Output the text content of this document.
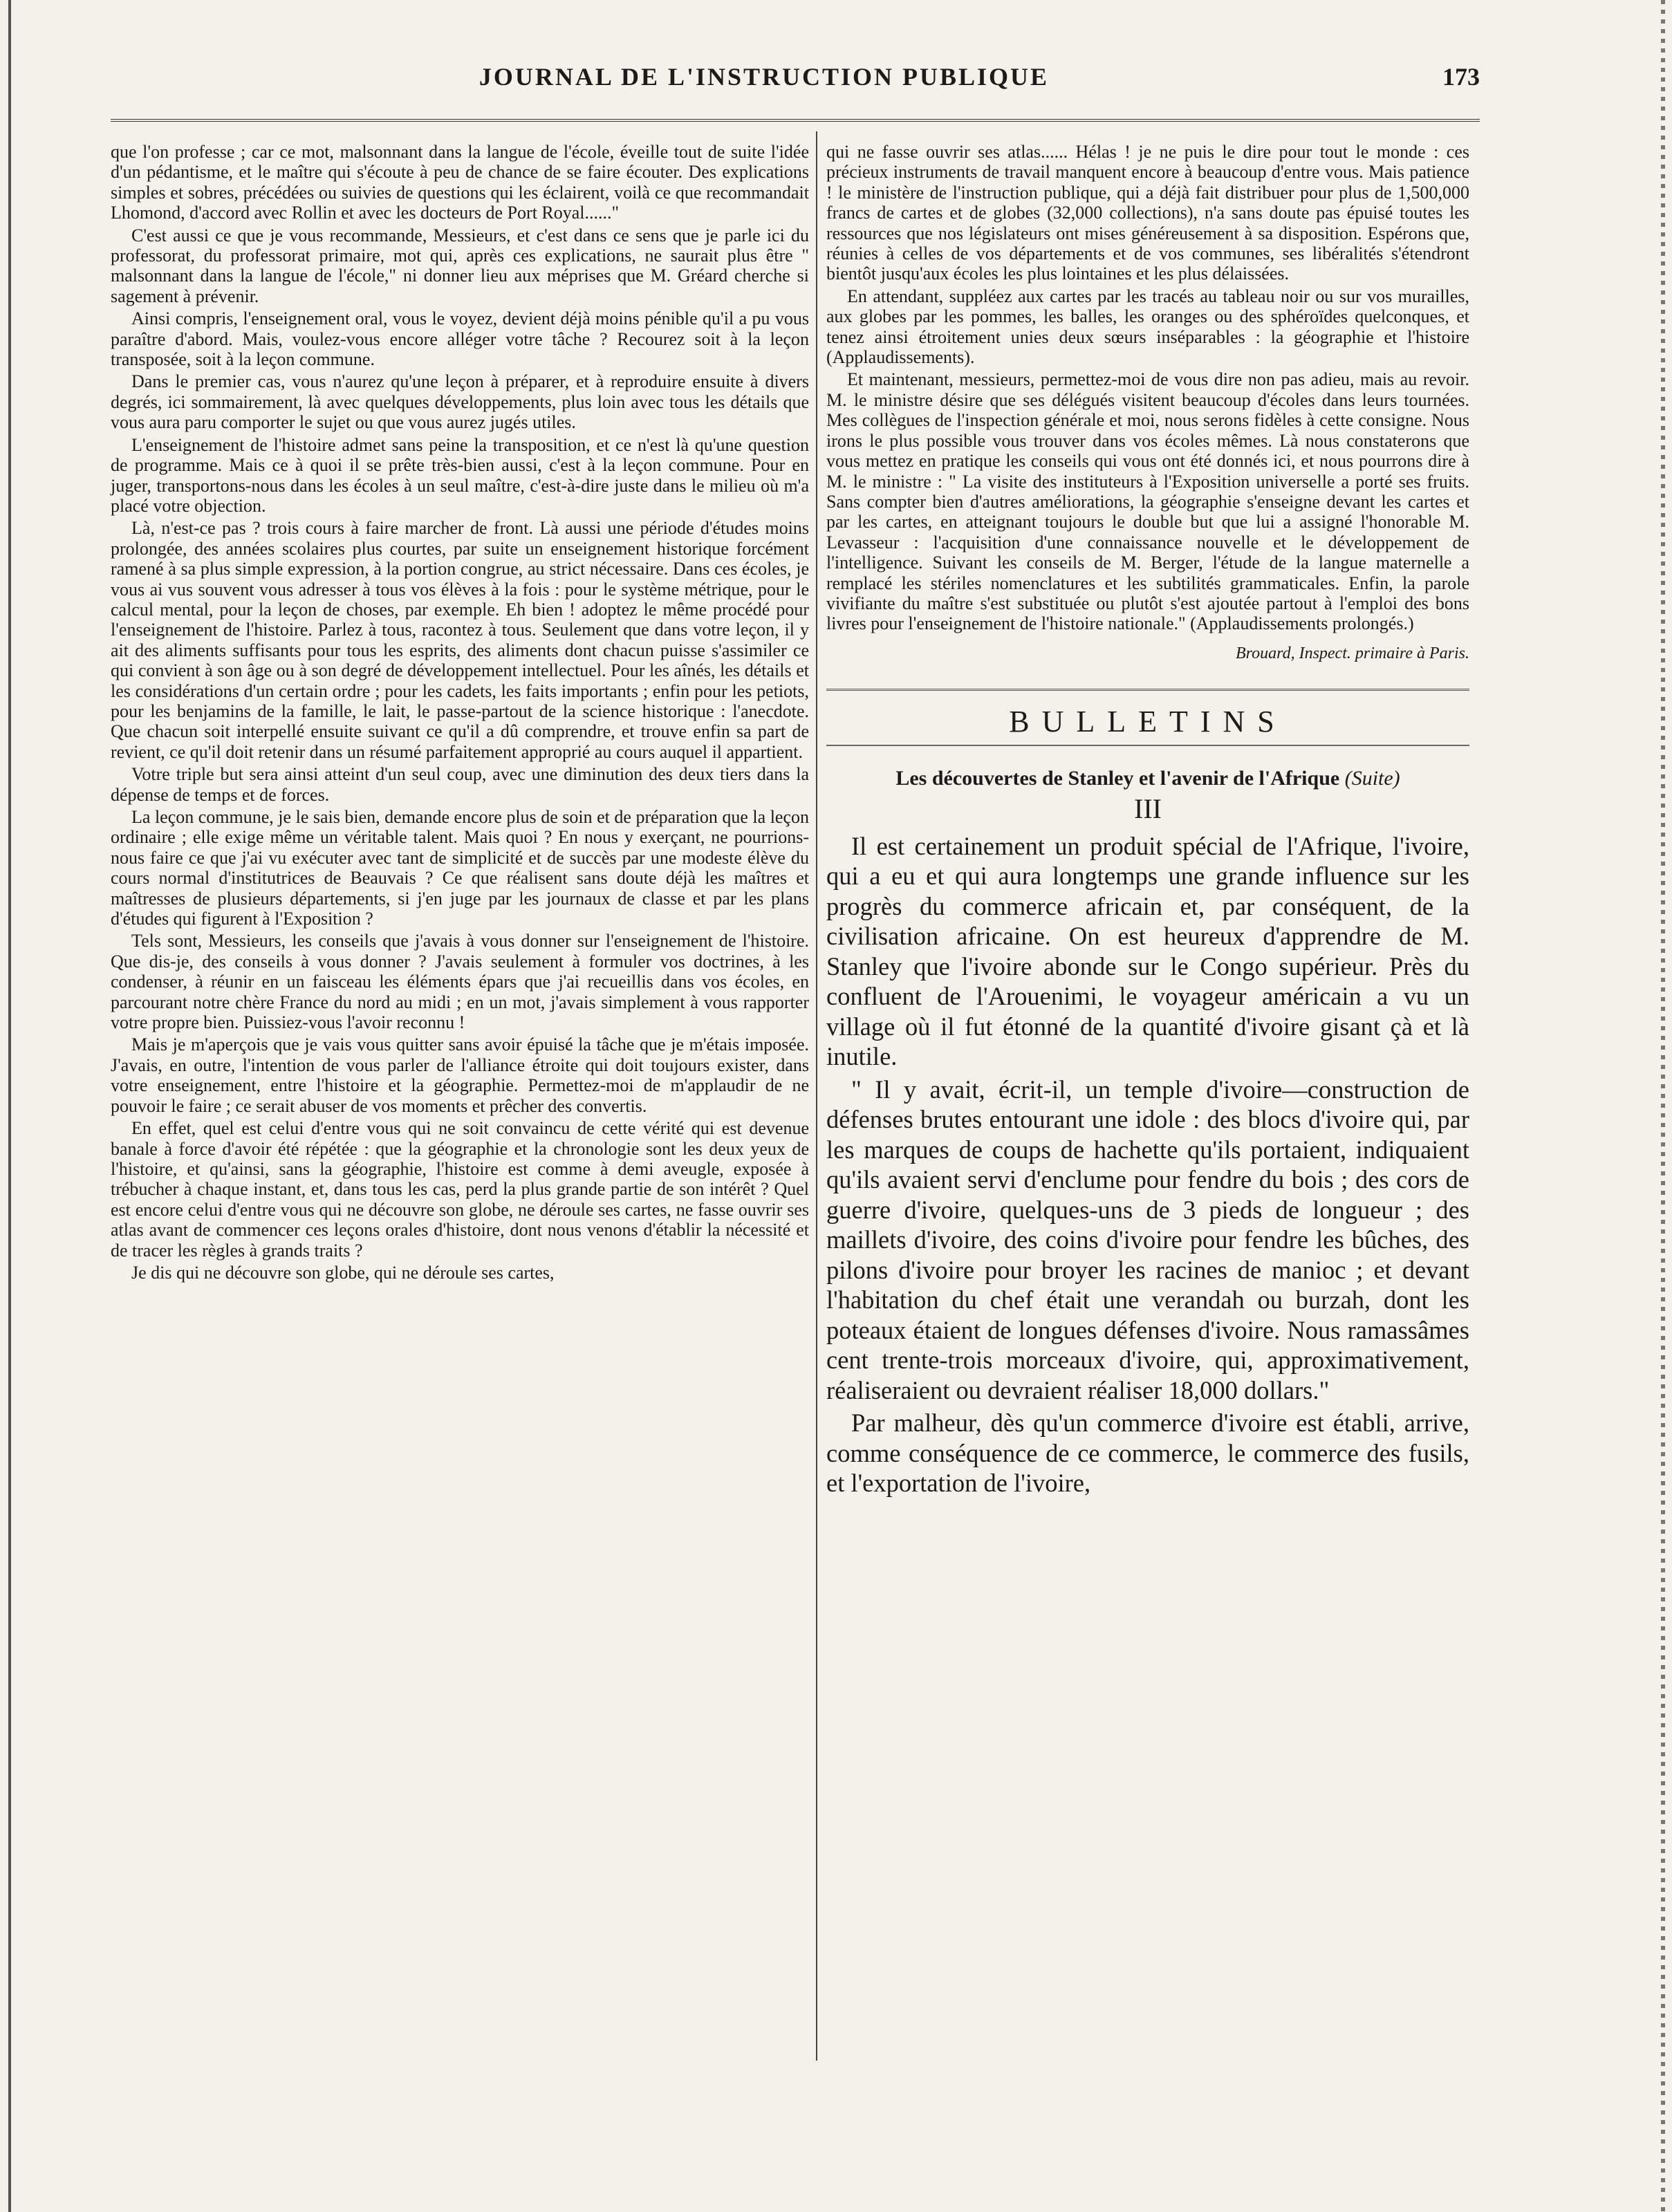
JOURNAL DE L'INSTRUCTION PUBLIQUE	173

que l'on professe ; car ce mot, malsonnant dans la langue de l'école, éveille tout de suite l'idée d'un pédantisme, et le maître qui s'écoute à peu de chance de se faire écouter. Des explications simples et sobres, précédées ou suivies de questions qui les éclairent, voilà ce que recommandait Lhomond, d'accord avec Rollin et avec les docteurs de Port Royal......"

C'est aussi ce que je vous recommande, Messieurs, et c'est dans ce sens que je parle ici du professorat, du professorat primaire, mot qui, après ces explications, ne saurait plus être " malsonnant dans la langue de l'école," ni donner lieu aux méprises que M. Gréard cherche si sagement à prévenir.

Ainsi compris, l'enseignement oral, vous le voyez, devient déjà moins pénible qu'il a pu vous paraître d'abord. Mais, voulez-vous encore alléger votre tâche ? Recourez soit à la leçon transposée, soit à la leçon commune.

Dans le premier cas, vous n'aurez qu'une leçon à préparer, et à reproduire ensuite à divers degrés, ici sommairement, là avec quelques développements, plus loin avec tous les détails que vous aura paru comporter le sujet ou que vous aurez jugés utiles.

L'enseignement de l'histoire admet sans peine la transposition, et ce n'est là qu'une question de programme. Mais ce à quoi il se prête très-bien aussi, c'est à la leçon commune. Pour en juger, transportons-nous dans les écoles à un seul maître, c'est-à-dire juste dans le milieu où m'a placé votre objection.

Là, n'est-ce pas ? trois cours à faire marcher de front. Là aussi une période d'études moins prolongée, des années scolaires plus courtes, par suite un enseignement historique forcément ramené à sa plus simple expression, à la portion congrue, au strict nécessaire. Dans ces écoles, je vous ai vus souvent vous adresser à tous vos élèves à la fois : pour le système métrique, pour le calcul mental, pour la leçon de choses, par exemple. Eh bien ! adoptez le même procédé pour l'enseignement de l'histoire. Parlez à tous, racontez à tous. Seulement que dans votre leçon, il y ait des aliments suffisants pour tous les esprits, des aliments dont chacun puisse s'assimiler ce qui convient à son âge ou à son degré de développement intellectuel. Pour les aînés, les détails et les considérations d'un certain ordre ; pour les cadets, les faits importants ; enfin pour les petiots, pour les benjamins de la famille, le lait, le passe-partout de la science historique : l'anecdote. Que chacun soit interpellé ensuite suivant ce qu'il a dû comprendre, et trouve enfin sa part de revient, ce qu'il doit retenir dans un résumé parfaitement approprié au cours auquel il appartient.

Votre triple but sera ainsi atteint d'un seul coup, avec une diminution des deux tiers dans la dépense de temps et de forces.

La leçon commune, je le sais bien, demande encore plus de soin et de préparation que la leçon ordinaire ; elle exige même un véritable talent. Mais quoi ? En nous y exerçant, ne pourrions-nous faire ce que j'ai vu exécuter avec tant de simplicité et de succès par une modeste élève du cours normal d'institutrices de Beauvais ? Ce que réalisent sans doute déjà les maîtres et maîtresses de plusieurs départements, si j'en juge par les journaux de classe et par les plans d'études qui figurent à l'Exposition ?

Tels sont, Messieurs, les conseils que j'avais à vous donner sur l'enseignement de l'histoire. Que dis-je, des conseils à vous donner ? J'avais seulement à formuler vos doctrines, à les condenser, à réunir en un faisceau les éléments épars que j'ai recueillis dans vos écoles, en parcourant notre chère France du nord au midi ; en un mot, j'avais simplement à vous rapporter votre propre bien. Puissiez-vous l'avoir reconnu !

Mais je m'aperçois que je vais vous quitter sans avoir épuisé la tâche que je m'étais imposée. J'avais, en outre, l'intention de vous parler de l'alliance étroite qui doit toujours exister, dans votre enseignement, entre l'histoire et la géographie. Permettez-moi de m'applaudir de ne pouvoir le faire ; ce serait abuser de vos moments et prêcher des convertis.

En effet, quel est celui d'entre vous qui ne soit convaincu de cette vérité qui est devenue banale à force d'avoir été répétée : que la géographie et la chronologie sont les deux yeux de l'histoire, et qu'ainsi, sans la géographie, l'histoire est comme à demi aveugle, exposée à trébucher à chaque instant, et, dans tous les cas, perd la plus grande partie de son intérêt ? Quel est encore celui d'entre vous qui ne découvre son globe, ne déroule ses cartes, ne fasse ouvrir ses atlas avant de commencer ces leçons orales d'histoire, dont nous venons d'établir la nécessité et de tracer les règles à grands traits ?

Je dis qui ne découvre son globe, qui ne déroule ses cartes,

qui ne fasse ouvrir ses atlas...... Hélas ! je ne puis le dire pour tout le monde : ces précieux instruments de travail manquent encore à beaucoup d'entre vous. Mais patience ! le ministère de l'instruction publique, qui a déjà fait distribuer pour plus de 1,500,000 francs de cartes et de globes (32,000 collections), n'a sans doute pas épuisé toutes les ressources que nos législateurs ont mises généreusement à sa disposition. Espérons que, réunies à celles de vos départements et de vos communes, ses libéralités s'étendront bientôt jusqu'aux écoles les plus lointaines et les plus délaissées.

En attendant, suppléez aux cartes par les tracés au tableau noir ou sur vos murailles, aux globes par les pommes, les balles, les oranges ou des sphéroïdes quelconques, et tenez ainsi étroitement unies deux sœurs inséparables : la géographie et l'histoire (Applaudissements).

Et maintenant, messieurs, permettez-moi de vous dire non pas adieu, mais au revoir. M. le ministre désire que ses délégués visitent beaucoup d'écoles dans leurs tournées. Mes collègues de l'inspection générale et moi, nous serons fidèles à cette consigne. Nous irons le plus possible vous trouver dans vos écoles mêmes. Là nous constaterons que vous mettez en pratique les conseils qui vous ont été donnés ici, et nous pourrons dire à M. le ministre : " La visite des instituteurs à l'Exposition universelle a porté ses fruits. Sans compter bien d'autres améliorations, la géographie s'enseigne devant les cartes et par les cartes, en atteignant toujours le double but que lui a assigné l'honorable M. Levasseur : l'acquisition d'une connaissance nouvelle et le développement de l'intelligence. Suivant les conseils de M. Berger, l'étude de la langue maternelle a remplacé les stériles nomenclatures et les subtilités grammaticales. Enfin, la parole vivifiante du maître s'est substituée ou plutôt s'est ajoutée partout à l'emploi des bons livres pour l'enseignement de l'histoire nationale." (Applaudissements prolongés.)

Brouard, Inspect. primaire à Paris.
BULLETINS
Les découvertes de Stanley et l'avenir de l'Afrique (Suite)
III

Il est certainement un produit spécial de l'Afrique, l'ivoire, qui a eu et qui aura longtemps une grande influence sur les progrès du commerce africain et, par conséquent, de la civilisation africaine. On est heureux d'apprendre de M. Stanley que l'ivoire abonde sur le Congo supérieur. Près du confluent de l'Arouenimi, le voyageur américain a vu un village où il fut étonné de la quantité d'ivoire gisant çà et là inutile.

" Il y avait, écrit-il, un temple d'ivoire—construction de défenses brutes entourant une idole : des blocs d'ivoire qui, par les marques de coups de hachette qu'ils portaient, indiquaient qu'ils avaient servi d'enclume pour fendre du bois ; des cors de guerre d'ivoire, quelques-uns de 3 pieds de longueur ; des maillets d'ivoire, des coins d'ivoire pour fendre les bûches, des pilons d'ivoire pour broyer les racines de manioc ; et devant l'habitation du chef était une verandah ou burzah, dont les poteaux étaient de longues défenses d'ivoire. Nous ramassâmes cent trente-trois morceaux d'ivoire, qui, approximativement, réaliseraient ou devraient réaliser 18,000 dollars."

Par malheur, dès qu'un commerce d'ivoire est établi, arrive, comme conséquence de ce commerce, le commerce des fusils, et l'exportation de l'ivoire,
